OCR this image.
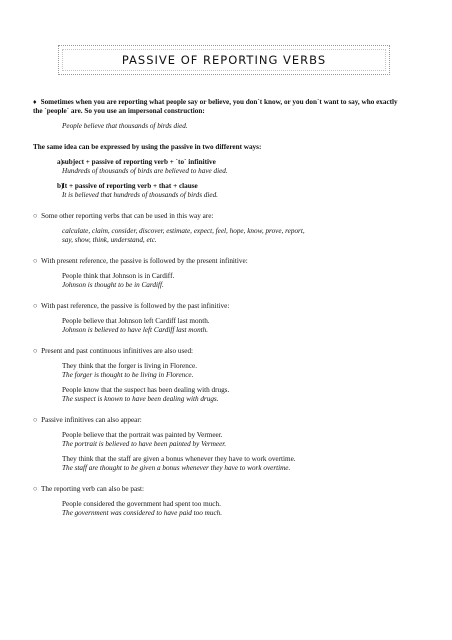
PASSIVE OF REPORTING VERBS

♦ Sometimes when you are reporting what people say or believe, you don´t know, or you don´t want to say, who exactly the `people´ are. So you use an impersonal construction:

People believe that thousands of birds died.

The same idea can be expressed by using the passive in two different ways:

a) subject + passive of reporting verb + `to´ infinitive

Hundreds of thousands of birds are believed to have died.

b)

It + passive of reporting verb + that + clause

It is believed that hundreds of thousands of birds died.

○ Some other reporting verbs that can be used in this way are:

calculate, claim, consider, discover, estimate, expect, feel, hope, know, prove, report,

say, show, think, understand, etc.

○ With present reference, the passive is followed by the present infinitive:

People think that Johnson is in Cardiff.

Johnson is thought to be in Cardiff.

○ With past reference, the passive is followed by the past infinitive:

People believe that Johnson left Cardiff last month.

Johnson is believed to have left Cardiff last month.

○ Present and past continuous infinitives are also used:

They think that the forger is living in Florence.

The forger is thought to be living in Florence.

People know that the suspect has been dealing with drugs.

The suspect is known to have been dealing with drugs.

○ Passive infinitives can also appear:

People believe that the portrait was painted by Vermeer.

The portrait is believed to have been painted by Vermeer.

They think that the staff are given a bonus whenever they have to work overtime.

The staff are thought to be given a bonus whenever they have to work overtime.

○ The reporting verb can also be past:

People considered the government had spent too much.

The government was considered to have paid too much.
